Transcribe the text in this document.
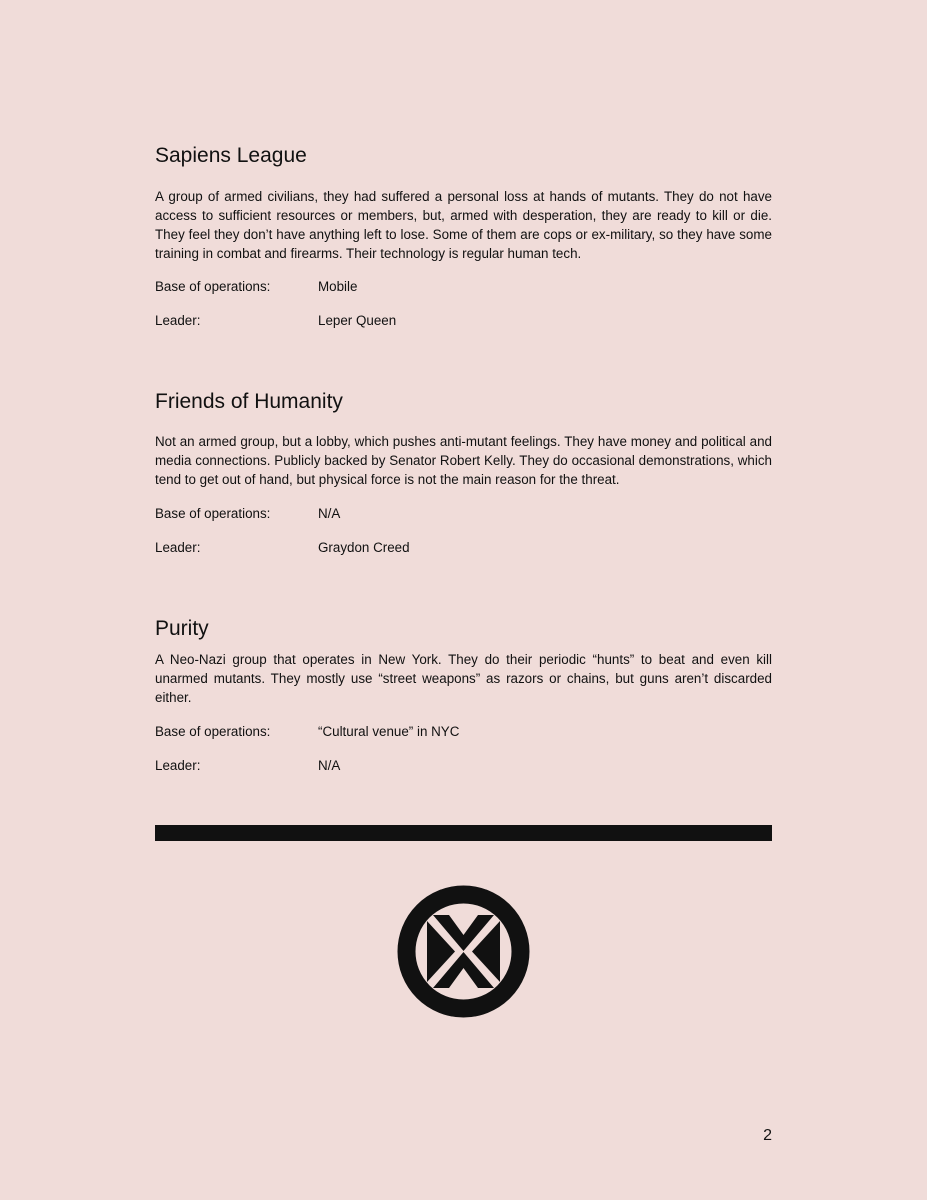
Sapiens League

A group of armed civilians, they had suffered a personal loss at hands of mutants. They do not have access to sufficient resources or members, but, armed with desperation, they are ready to kill or die. They feel they don’t have anything left to lose. Some of them are cops or ex-military, so they have some training in combat and firearms. Their technology is regular human tech.

Base of operations:	Mobile
Leader:	Leper Queen
Friends of Humanity

Not an armed group, but a lobby, which pushes anti-mutant feelings. They have money and political and media connections. Publicly backed by Senator Robert Kelly. They do occasional demonstrations, which tend to get out of hand, but physical force is not the main reason for the threat.

Base of operations:	N/A
Leader:	Graydon Creed
Purity

A Neo-Nazi group that operates in New York. They do their periodic “hunts” to beat and even kill unarmed mutants. They mostly use “street weapons” as razors or chains, but guns aren’t discarded either.

Base of operations:	“Cultural venue” in NYC
Leader:	N/A
2
